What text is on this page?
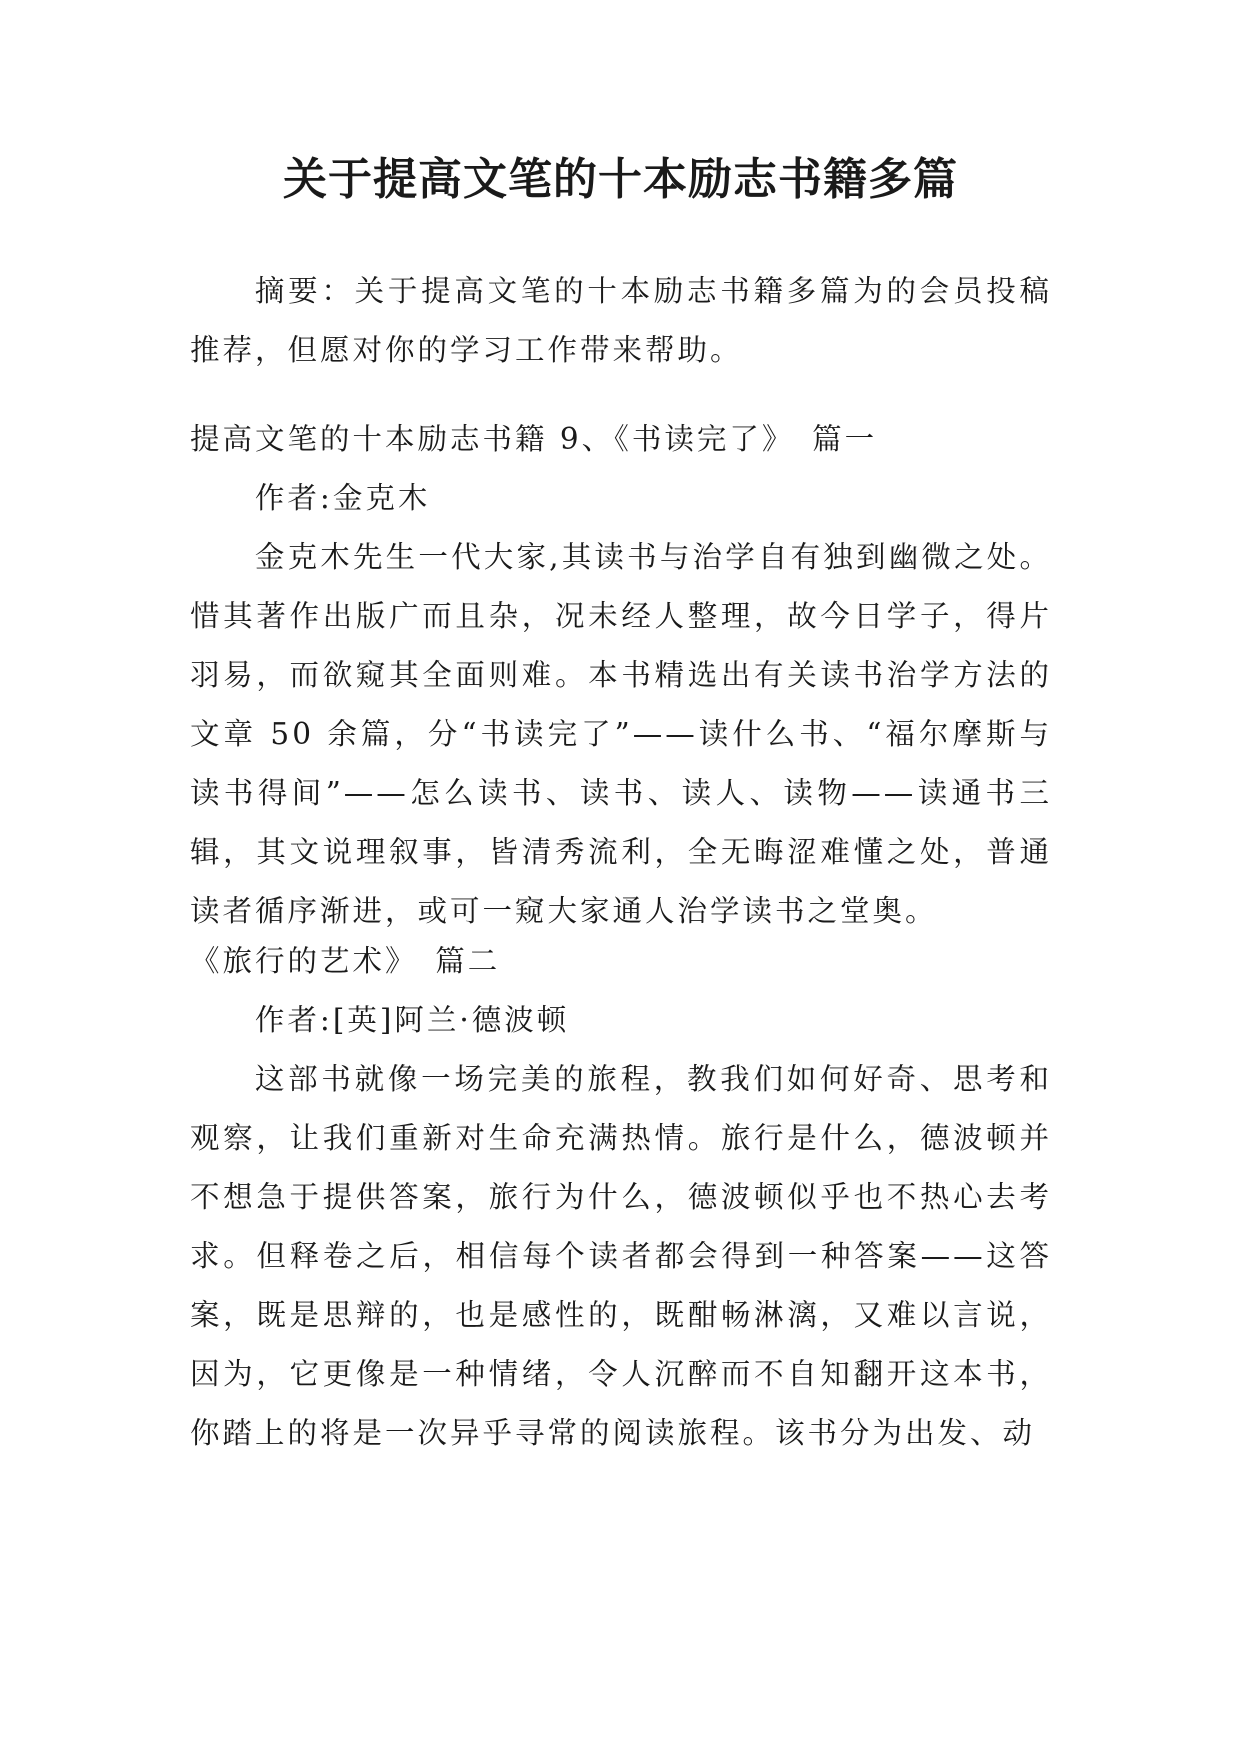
关于提高文笔的十本励志书籍多篇

摘要：关于提高文笔的十本励志书籍多篇为的会员投稿推荐，但愿对你的学习工作带来帮助。

提高文笔的十本励志书籍 9、《书读完了》　篇一

作者:金克木

金克木先生一代大家,其读书与治学自有独到幽微之处。惜其著作出版广而且杂，况未经人整理，故今日学子，得片羽易，而欲窥其全面则难。本书精选出有关读书治学方法的文章 50 余篇，分“书读完了”——读什么书、“福尔摩斯与读书得间”——怎么读书、读书、读人、读物——读通书三辑，其文说理叙事，皆清秀流利，全无晦涩难懂之处，普通读者循序渐进，或可一窥大家通人治学读书之堂奥。

《旅行的艺术》　篇二

作者:[英]阿兰·德波顿

这部书就像一场完美的旅程，教我们如何好奇、思考和观察，让我们重新对生命充满热情。旅行是什么，德波顿并不想急于提供答案，旅行为什么，德波顿似乎也不热心去考求。但释卷之后，相信每个读者都会得到一种答案——这答案，既是思辩的，也是感性的，既酣畅淋漓，又难以言说，因为，它更像是一种情绪，令人沉醉而不自知翻开这本书，你踏上的将是一次异乎寻常的阅读旅程。该书分为出发、动
